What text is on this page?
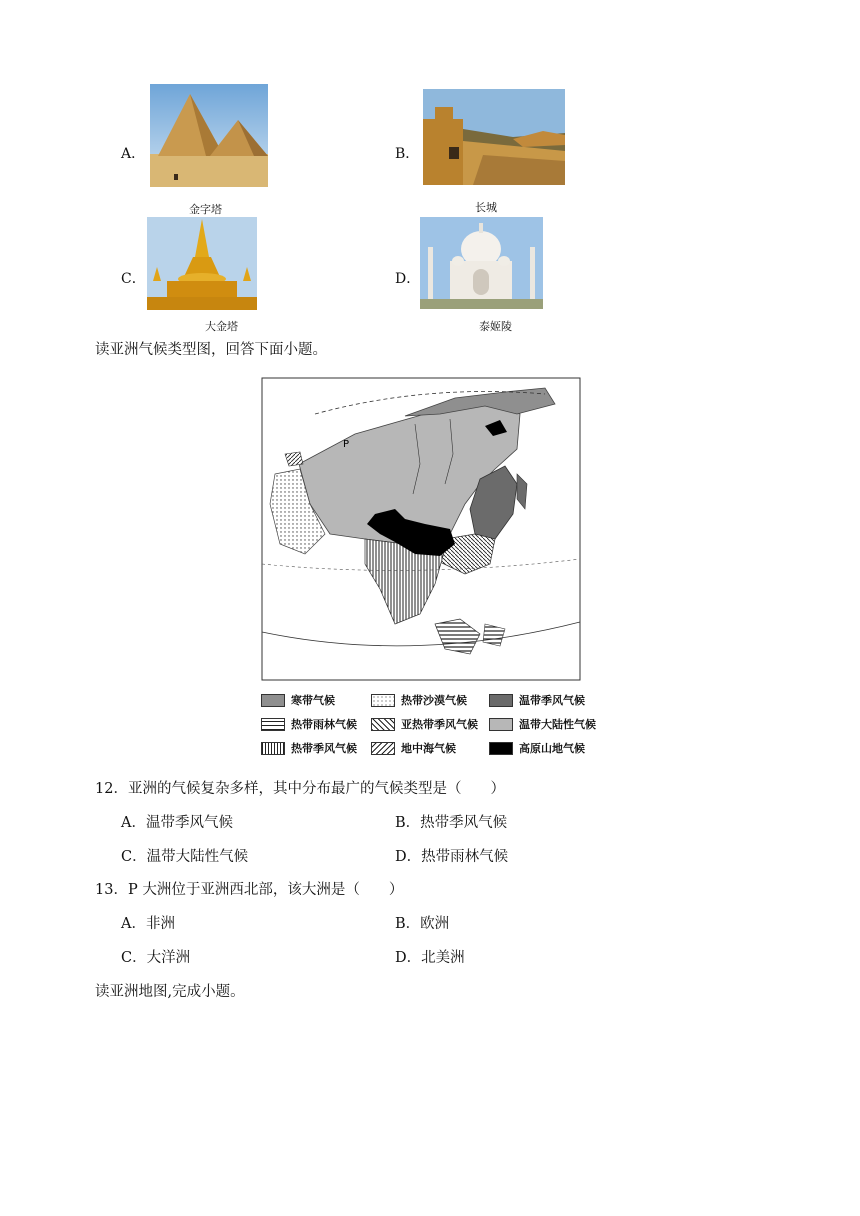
A．
金字塔
B．
长城
C．
大金塔
D．
泰姬陵
读亚洲气候类型图，回答下面小题。
P
寒带气候	热带沙漠气候	温带季风气候
热带雨林气候	亚热带季风气候	温带大陆性气候
热带季风气候	地中海气候	高原山地气候
12．亚洲的气候复杂多样，其中分布最广的气候类型是（　　）
A．温带季风气候	B．热带季风气候
C．温带大陆性气候	D．热带雨林气候
13．P 大洲位于亚洲西北部，该大洲是（　　）
A．非洲	B．欧洲
C．大洋洲	D．北美洲
读亚洲地图,完成小题。
